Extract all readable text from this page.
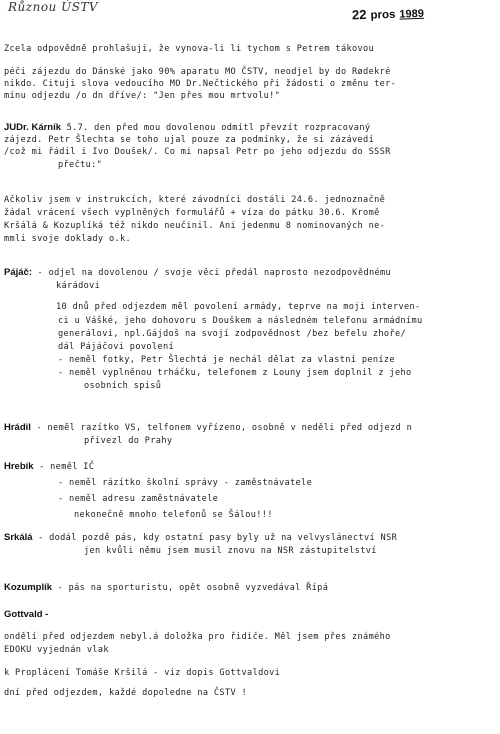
Různou ÚSTV	22 pros 1989
Zcela odpovědně prohlašuji, že vynova-li li tychom s Petrem tákovou
péči zájezdu do Dánské jako 90% aparatu MO ČSTV, neodjel by do Rødekré
nikdo. Cituji slova vedoucího MO Dr.Nečtického při žádosti o změnu ter-
mínu odjezdu /o dn dříve/: "Jen přes mou mrtvolu!"
JUDr. Kárník 5.7. den před mou dovolenou odmítl převzít rozpracovaný
zájezd. Petr Šlechta se toho ujal pouze za podmínky, že si zázávedí
/což mi řádil i Ivo Doušek/. Co mi napsal Petr po jeho odjezdu do SSSR
přečtu:"
Ačkoliv jsem v instrukcích, které závodníci dostáli 24.6. jednoznačně
žádal vrácení všech vyplněných formulářů + víza do pátku 30.6. Kromě
Kršálá & Kozuplíká též nikdo neučinil. Ani jedenmu 8 nominovaných ne-
mmli svoje doklady o.k.
Pájáč: - odjel na dovolenou / svoje věci předál naprosto nezodpovědnému
kárádovi
10 dnů před odjezdem měl povolení armády, teprve na moji interven-
ci u Vášké, jeho dohovoru s Douškem a následném telefonu armádnímu
generálovi, npl.Gájdoš na svojí zodpovědnost /bez befelu zhoře/
dál Pájáčovi povolení
- neměl fotky, Petr Šlechtá je nechál dělat za vlastní peníze
- neměl vyplněnou trháčku, telefonem z Louny jsem doplnil z jeho
osobních spisů
Hrádil - neměl razítko VS, telfonem vyřízeno, osobně v neděli před odjezd n
přivezl do Prahy
Hrebík - neměl IČ
- neměl rázítko školní správy - zaměstnávatele
- neměl adresu zaměstnávatele
nekonečně mnoho telefonů se Šálou!!!
Srkálá - dodál pozdě pás, kdy ostatní pasy byly už na velvyslánectví NSR
jen kvůli němu jsem musil znovu na NSR zástupitelství
Kozumplík - pás na sporturistu, opět osobně vyzvedával Řípá
Gottvald -
ondělí před odjezdem nebyl.á doložka pro řidiče. Měl jsem přes známého
EDOKU vyjednán vlak
k Proplácení Tomáše Kršilá - viz dopis Gottvaldovi
dní před odjezdem, každé dopoledne na ČSTV !
